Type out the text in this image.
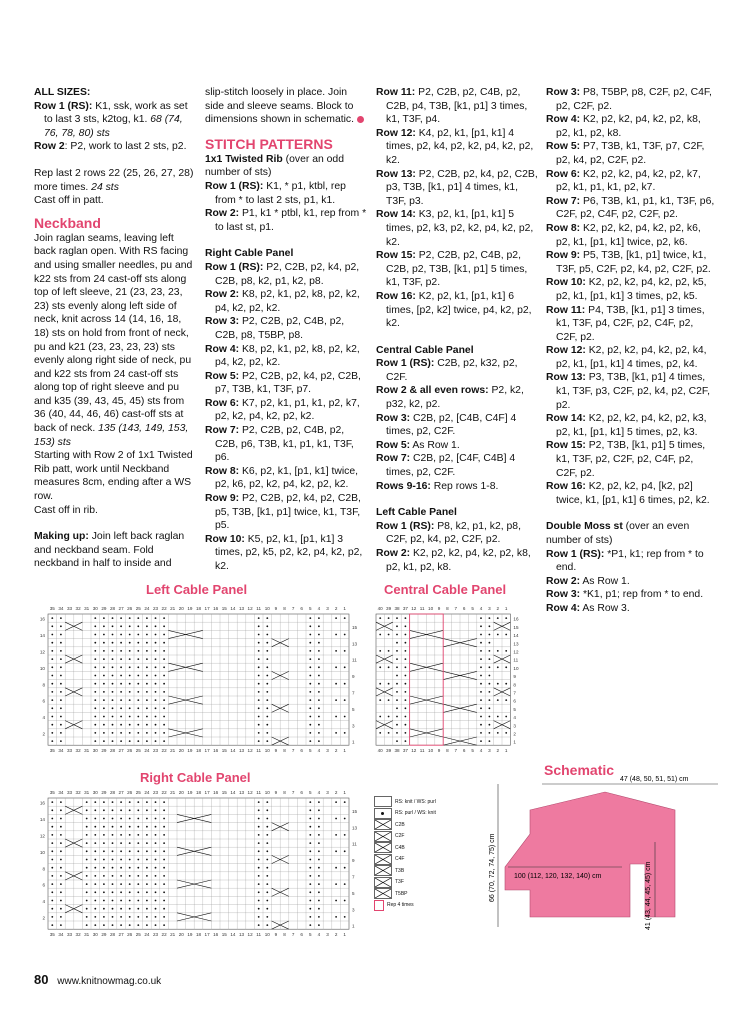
ALL SIZES:

Row 1 (RS): K1, ssk, work as set to last 3 sts, k2tog, k1. 68 (74, 76, 78, 80) sts

Row 2: P2, work to last 2 sts, p2.

Rep last 2 rows 22 (25, 26, 27, 28) more times. 24 sts

Cast off in patt.

Neckband

Join raglan seams, leaving left back raglan open. With RS facing and using smaller needles, pu and k22 sts from 24 cast-off sts along top of left sleeve, 21 (23, 23, 23, 23) sts evenly along left side of neck, knit across 14 (14, 16, 18, 18) sts on hold from front of neck, pu and k21 (23, 23, 23, 23) sts evenly along right side of neck, pu and k22 sts from 24 cast-off sts along top of right sleeve and pu and k35 (39, 43, 45, 45) sts from 36 (40, 44, 46, 46) cast-off sts at back of neck. 135 (143, 149, 153, 153) sts

Starting with Row 2 of 1x1 Twisted Rib patt, work until Neckband measures 8cm, ending after a WS row.

Cast off in rib.

Making up: Join left back raglan and neckband seam. Fold neckband in half to inside and

slip-stitch loosely in place. Join side and sleeve seams. Block to dimensions shown in schematic.

STITCH PATTERNS

1x1 Twisted Rib (over an odd number of sts)

Row 1 (RS): K1, * p1, ktbl, rep from * to last 2 sts, p1, k1.

Row 2: P1, k1 * ptbl, k1, rep from * to last st, p1.

Right Cable Panel

Row 1 (RS): P2, C2B, p2, k4, p2, C2B, p8, k2, p1, k2, p8.

Row 2: K8, p2, k1, p2, k8, p2, k2, p4, k2, p2, k2.

Row 3: P2, C2B, p2, C4B, p2, C2B, p8, T5BP, p8.

Row 4: K8, p2, k1, p2, k8, p2, k2, p4, k2, p2, k2.

Row 5: P2, C2B, p2, k4, p2, C2B, p7, T3B, k1, T3F, p7.

Row 6: K7, p2, k1, p1, k1, p2, k7, p2, k2, p4, k2, p2, k2.

Row 7: P2, C2B, p2, C4B, p2, C2B, p6, T3B, k1, p1, k1, T3F, p6.

Row 8: K6, p2, k1, [p1, k1] twice, p2, k6, p2, k2, p4, k2, p2, k2.

Row 9: P2, C2B, p2, k4, p2, C2B, p5, T3B, [k1, p1] twice, k1, T3F, p5.

Row 10: K5, p2, k1, [p1, k1] 3 times, p2, k5, p2, k2, p4, k2, p2, k2.

Row 11: P2, C2B, p2, C4B, p2, C2B, p4, T3B, [k1, p1] 3 times, k1, T3F, p4.

Row 12: K4, p2, k1, [p1, k1] 4 times, p2, k4, p2, k2, p4, k2, p2, k2.

Row 13: P2, C2B, p2, k4, p2, C2B, p3, T3B, [k1, p1] 4 times, k1, T3F, p3.

Row 14: K3, p2, k1, [p1, k1] 5 times, p2, k3, p2, k2, p4, k2, p2, k2.

Row 15: P2, C2B, p2, C4B, p2, C2B, p2, T3B, [k1, p1] 5 times, k1, T3F, p2.

Row 16: K2, p2, k1, [p1, k1] 6 times, [p2, k2] twice, p4, k2, p2, k2.

Central Cable Panel

Row 1 (RS): C2B, p2, k32, p2, C2F.

Row 2 & all even rows: P2, k2, p32, k2, p2.

Row 3: C2B, p2, [C4B, C4F] 4 times, p2, C2F.

Row 5: As Row 1.

Row 7: C2B, p2, [C4F, C4B] 4 times, p2, C2F.

Rows 9-16: Rep rows 1-8.

Left Cable Panel

Row 1 (RS): P8, k2, p1, k2, p8, C2F, p2, k4, p2, C2F, p2.

Row 2: K2, p2, k2, p4, k2, p2, k8, p2, k1, p2, k8.

Row 3: P8, T5BP, p8, C2F, p2, C4F, p2, C2F, p2.

Row 4: K2, p2, k2, p4, k2, p2, k8, p2, k1, p2, k8.

Row 5: P7, T3B, k1, T3F, p7, C2F, p2, k4, p2, C2F, p2.

Row 6: K2, p2, k2, p4, k2, p2, k7, p2, k1, p1, k1, p2, k7.

Row 7: P6, T3B, k1, p1, k1, T3F, p6, C2F, p2, C4F, p2, C2F, p2.

Row 8: K2, p2, k2, p4, k2, p2, k6, p2, k1, [p1, k1] twice, p2, k6.

Row 9: P5, T3B, [k1, p1] twice, k1, T3F, p5, C2F, p2, k4, p2, C2F, p2.

Row 10: K2, p2, k2, p4, k2, p2, k5, p2, k1, [p1, k1] 3 times, p2, k5.

Row 11: P4, T3B, [k1, p1] 3 times, k1, T3F, p4, C2F, p2, C4F, p2, C2F, p2.

Row 12: K2, p2, k2, p4, k2, p2, k4, p2, k1, [p1, k1] 4 times, p2, k4.

Row 13: P3, T3B, [k1, p1] 4 times, k1, T3F, p3, C2F, p2, k4, p2, C2F, p2.

Row 14: K2, p2, k2, p4, k2, p2, k3, p2, k1, [p1, k1] 5 times, p2, k3.

Row 15: P2, T3B, [k1, p1] 5 times, k1, T3F, p2, C2F, p2, C4F, p2, C2F, p2.

Row 16: K2, p2, k2, p4, [k2, p2] twice, k1, [p1, k1] 6 times, p2, k2.

Double Moss st (over an even number of sts)

Row 1 (RS): *P1, k1; rep from * to end.

Row 2: As Row 1.

Row 3: *K1, p1; rep from * to end.

Row 4: As Row 3.

Left Cable Panel	Central Cable Panel
Right Cable Panel
35
35
34
34
33
33
32
32
31
31
30
30
29
29
28
28
27
27
26
26
25
25
24
24
23
23
22
22
21
21
20
20
19
19
18
18
17
17
16
16
15
15
14
14
13
13
12
12
11
11
10
10
9
9
8
8
7
7
6
6
5
5
4
4
3
3
2
2
1
1
16
14
12
10
8
6
4
2
15
13
11
9
7
5
3
1
40
40
39
39
38
38
37
37
12
12
11
11
10
10
9
9
8
8
7
7
6
6
5
5
4
4
3
3
2
2
1
1
16
15
14
13
12
11
10
9
8
7
6
5
4
3
2
1
35
35
34
34
33
33
32
32
31
31
30
30
29
29
28
28
27
27
26
26
25
25
24
24
23
23
22
22
21
21
20
20
19
19
18
18
17
17
16
16
15
15
14
14
13
13
12
12
11
11
10
10
9
9
8
8
7
7
6
6
5
5
4
4
3
3
2
2
1
1
16
14
12
10
8
6
4
2
15
13
11
9
7
5
3
1
RS: knit / WS: purl
RS: purl / WS: knit
C2B
C2F
C4B
C4F
T3B
T3F
T5BP
Rep 4 times
Schematic
47 (48, 50, 51, 51) cm
66 (70, 72, 74, 75) cm	100 (112, 120, 132, 140) cm	41 (43, 44, 45, 45) cm
80 www.knitnowmag.co.uk
